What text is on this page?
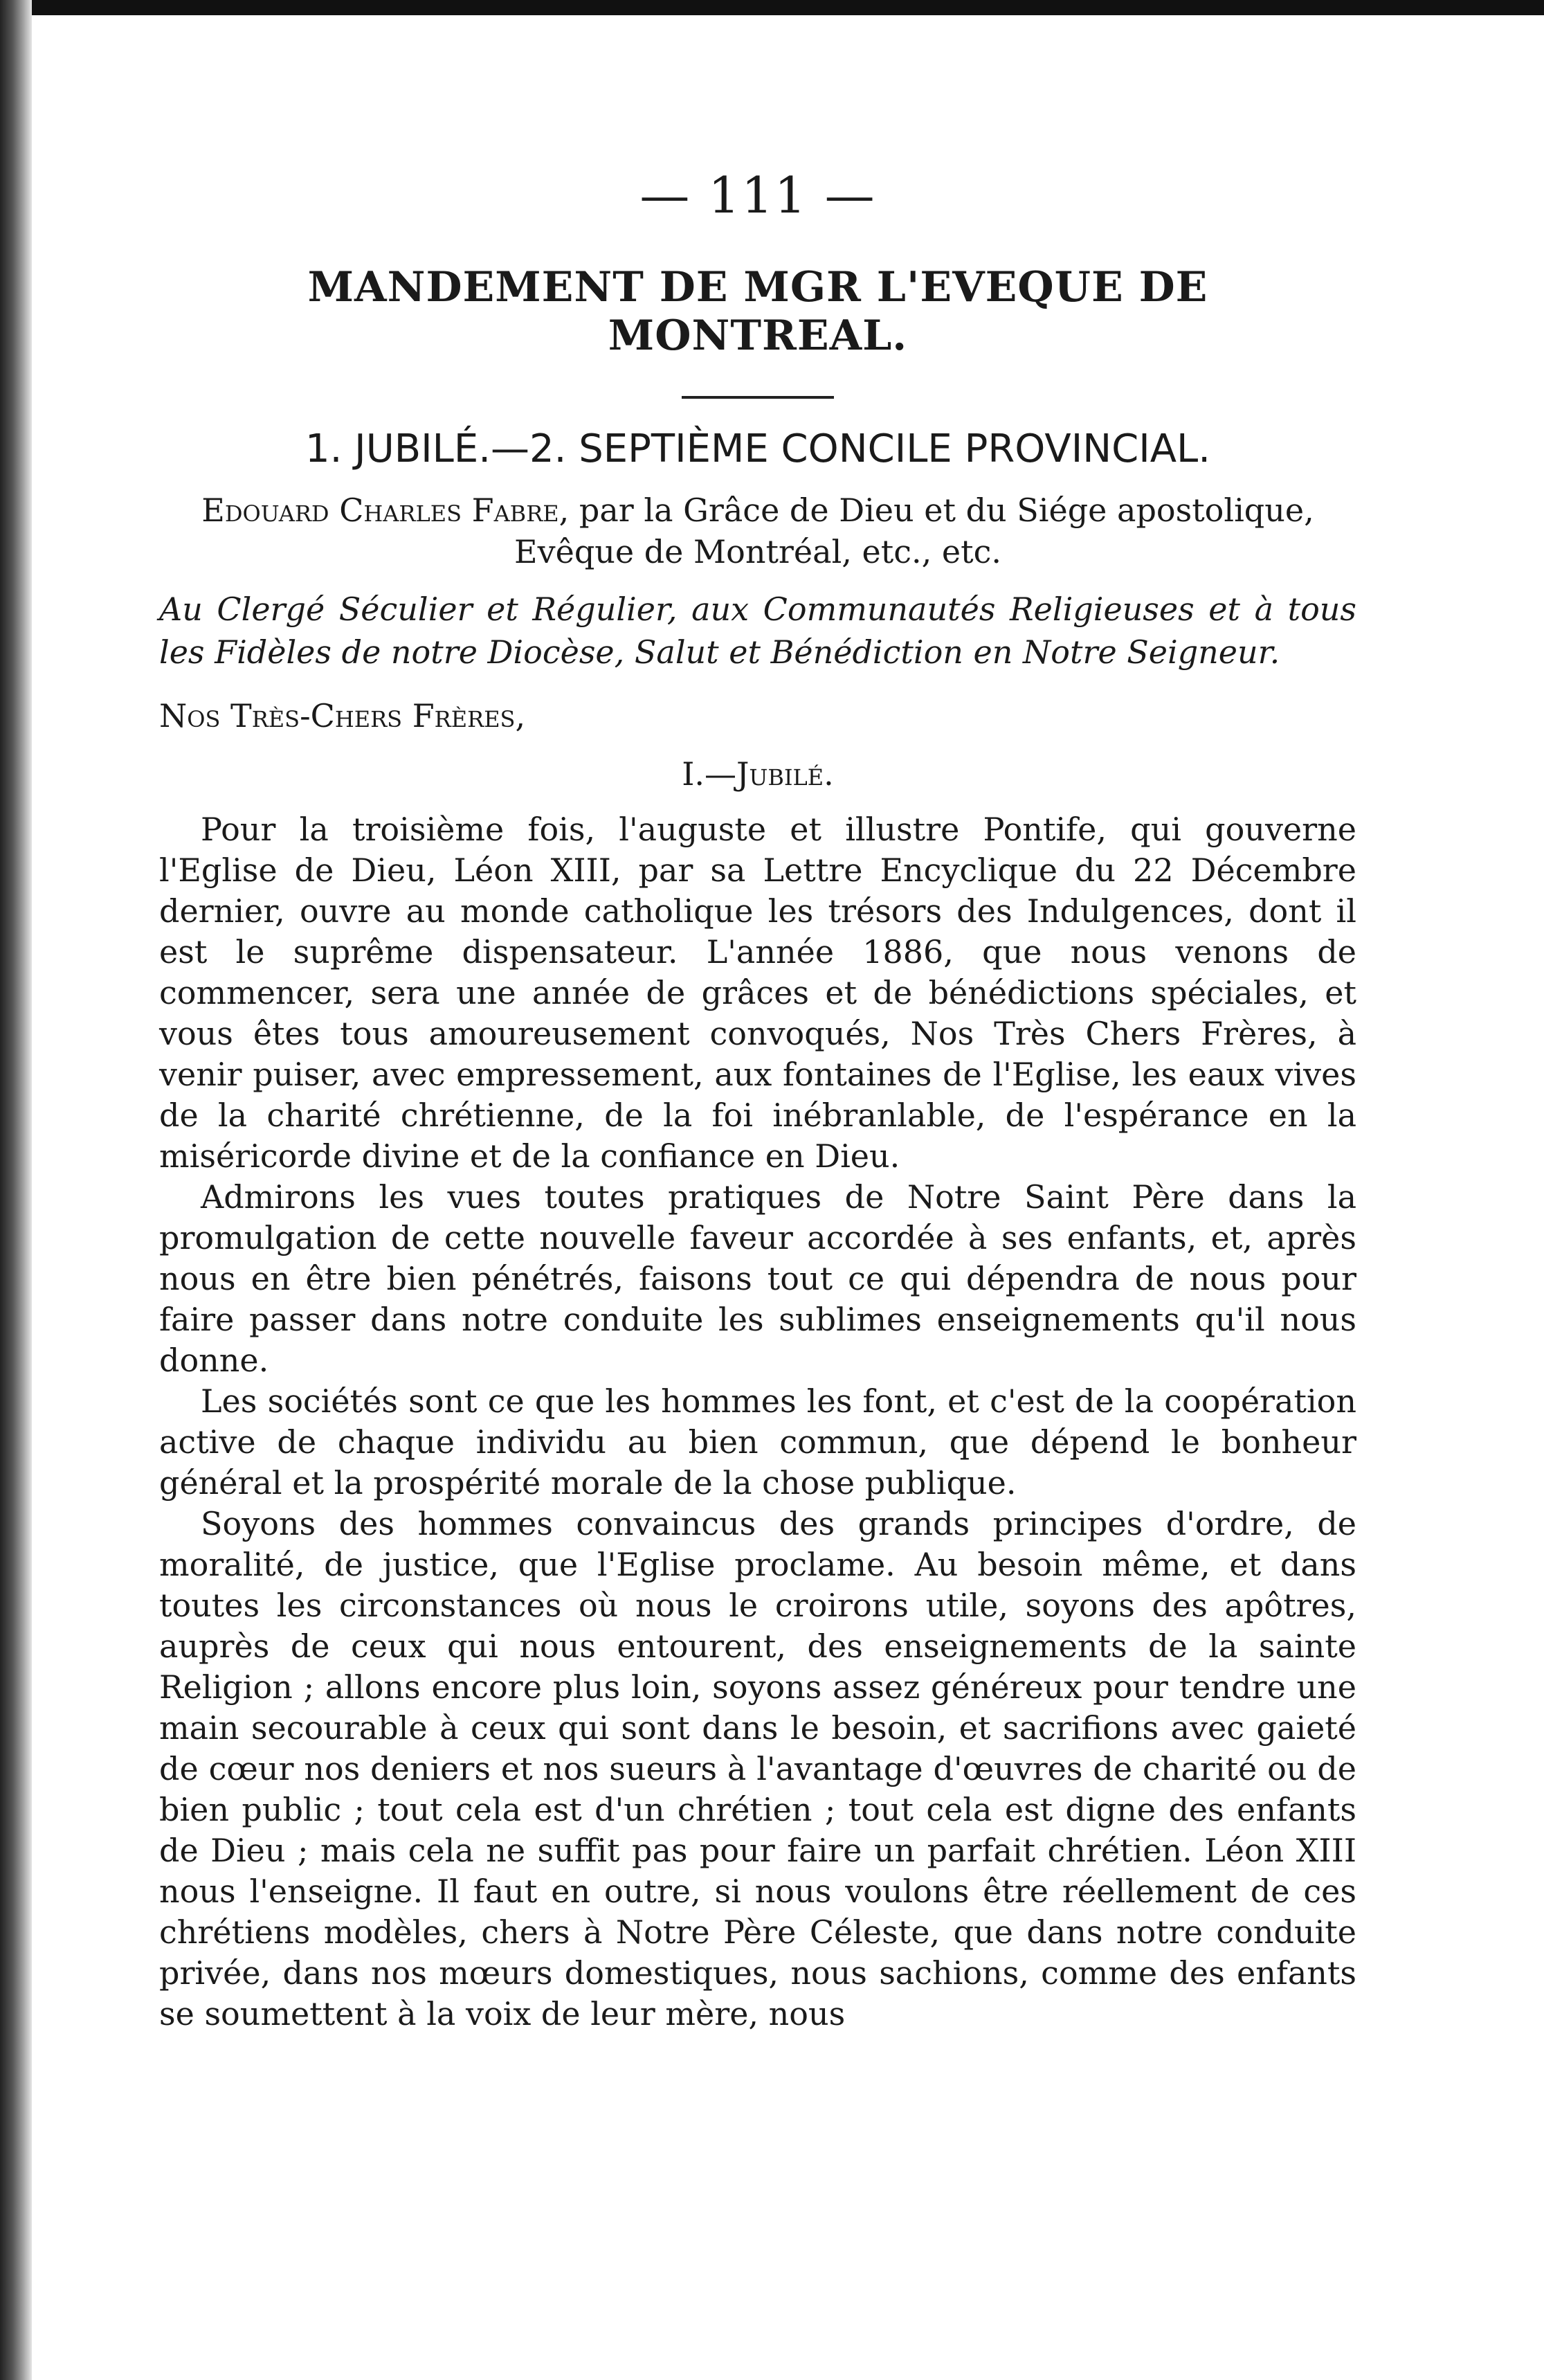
— 111 —
MANDEMENT DE MGR L'EVEQUE DE MONTREAL.
1. JUBILÉ.—2. SEPTIÈME CONCILE PROVINCIAL.

Edouard Charles Fabre, par la Grâce de Dieu et du Siége apostolique, Evêque de Montréal, etc., etc.

Au Clergé Séculier et Régulier, aux Communautés Religieuses et à tous les Fidèles de notre Diocèse, Salut et Bénédiction en Notre Seigneur.

Nos Très-Chers Frères,

I.—Jubilé.

Pour la troisième fois, l'auguste et illustre Pontife, qui gouverne l'Eglise de Dieu, Léon XIII, par sa Lettre Encyclique du 22 Décembre dernier, ouvre au monde catholique les trésors des Indulgences, dont il est le suprême dispensateur. L'année 1886, que nous venons de commencer, sera une année de grâces et de bénédictions spéciales, et vous êtes tous amoureusement convoqués, Nos Très Chers Frères, à venir puiser, avec empressement, aux fontaines de l'Eglise, les eaux vives de la charité chrétienne, de la foi inébranlable, de l'espérance en la miséricorde divine et de la confiance en Dieu.

Admirons les vues toutes pratiques de Notre Saint Père dans la promulgation de cette nouvelle faveur accordée à ses enfants, et, après nous en être bien pénétrés, faisons tout ce qui dépendra de nous pour faire passer dans notre conduite les sublimes enseignements qu'il nous donne.

Les sociétés sont ce que les hommes les font, et c'est de la coopération active de chaque individu au bien commun, que dépend le bonheur général et la prospérité morale de la chose publique.

Soyons des hommes convaincus des grands principes d'ordre, de moralité, de justice, que l'Eglise proclame. Au besoin même, et dans toutes les circonstances où nous le croirons utile, soyons des apôtres, auprès de ceux qui nous entourent, des enseignements de la sainte Religion ; allons encore plus loin, soyons assez généreux pour tendre une main secourable à ceux qui sont dans le besoin, et sacrifions avec gaieté de cœur nos deniers et nos sueurs à l'avantage d'œuvres de charité ou de bien public ; tout cela est d'un chrétien ; tout cela est digne des enfants de Dieu ; mais cela ne suffit pas pour faire un parfait chrétien. Léon XIII nous l'enseigne. Il faut en outre, si nous voulons être réellement de ces chrétiens modèles, chers à Notre Père Céleste, que dans notre conduite privée, dans nos mœurs domestiques, nous sachions, comme des enfants se soumettent à la voix de leur mère, nous
